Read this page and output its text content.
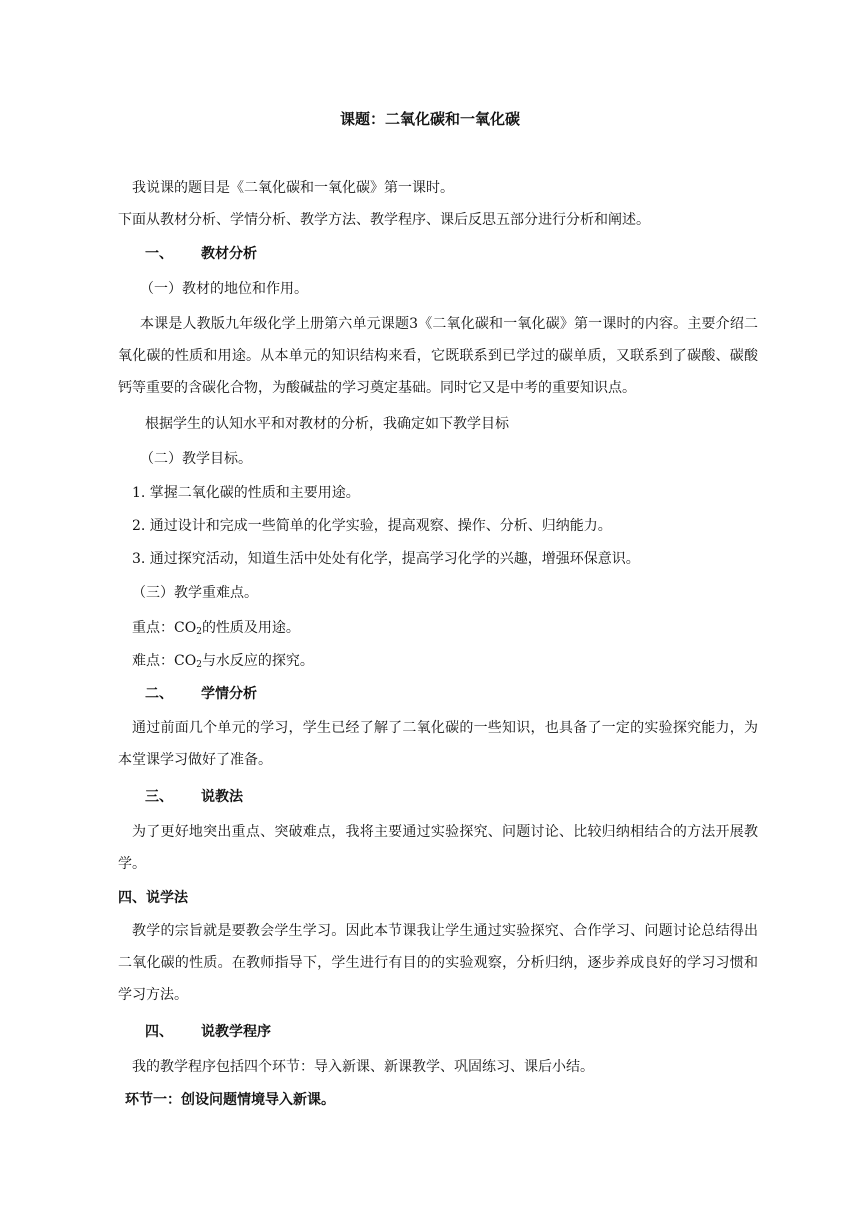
课题：二氧化碳和一氧化碳
我说课的题目是《二氧化碳和一氧化碳》第一课时。
下面从教材分析、学情分析、教学方法、教学程序、课后反思五部分进行分析和阐述。
一、 教材分析
（一）教材的地位和作用。
本课是人教版九年级化学上册第六单元课题3《二氧化碳和一氧化碳》第一课时的内容。主要介绍二氧化碳的性质和用途。从本单元的知识结构来看，它既联系到已学过的碳单质，又联系到了碳酸、碳酸钙等重要的含碳化合物，为酸碱盐的学习奠定基础。同时它又是中考的重要知识点。
根据学生的认知水平和对教材的分析，我确定如下教学目标
（二）教学目标。
1. 掌握二氧化碳的性质和主要用途。
2. 通过设计和完成一些简单的化学实验，提高观察、操作、分析、归纳能力。
3. 通过探究活动，知道生活中处处有化学，提高学习化学的兴趣，增强环保意识。
（三）教学重难点。
重点：$CO_2$的性质及用途。
难点：$CO_2$与水反应的探究。
二、 学情分析
通过前面几个单元的学习，学生已经了解了二氧化碳的一些知识，也具备了一定的实验探究能力，为本堂课学习做好了准备。
三、 说教法
为了更好地突出重点、突破难点，我将主要通过实验探究、问题讨论、比较归纳相结合的方法开展教学。
四、说学法
教学的宗旨就是要教会学生学习。因此本节课我让学生通过实验探究、合作学习、问题讨论总结得出二氧化碳的性质。在教师指导下，学生进行有目的的实验观察，分析归纳，逐步养成良好的学习习惯和学习方法。
四、 说教学程序
我的教学程序包括四个环节：导入新课、新课教学、巩固练习、课后小结。
环节一：创设问题情境导入新课。
